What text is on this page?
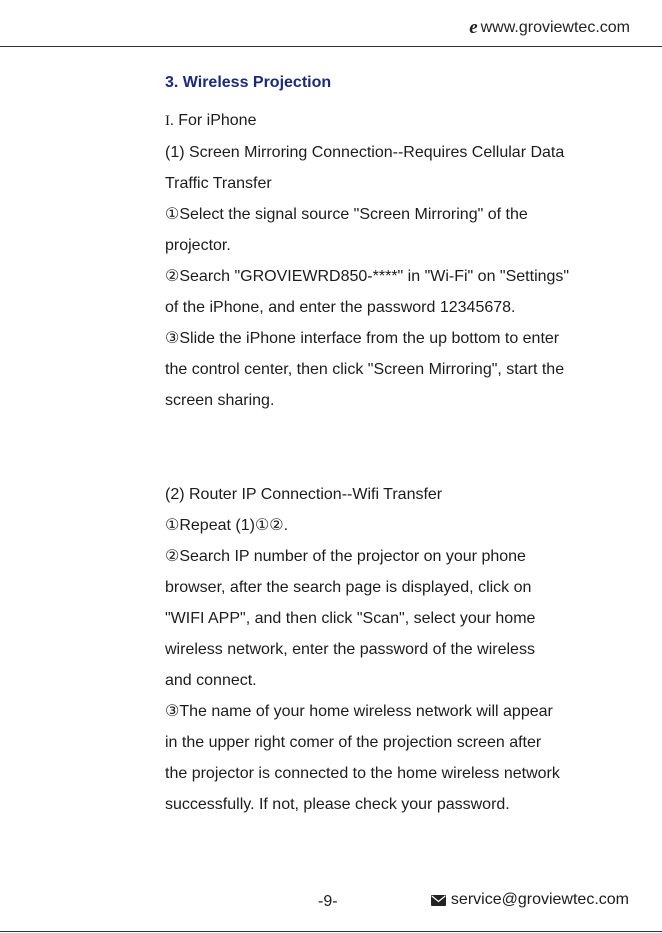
e www.groviewtec.com
3. Wireless Projection

I. For iPhone

(1) Screen Mirroring Connection--Requires Cellular Data

Traffic Transfer

①Select the signal source "Screen Mirroring" of the

projector.

②Search "GROVIEWRD850-****" in "Wi-Fi" on "Settings"

of the iPhone, and enter the password 12345678.

③Slide the iPhone interface from the up bottom to enter

the control center, then click "Screen Mirroring", start the

screen sharing.

(2) Router IP Connection--Wifi Transfer

①Repeat (1)①②.

②Search IP number of the projector on your phone

browser, after the search page is displayed, click on

"WIFI APP", and then click "Scan", select your home

wireless network, enter the password of the wireless

and connect.

③The name of your home wireless network will appear

in the upper right comer of the projection screen after

the projector is connected to the home wireless network

successfully. If not, please check your password.

-9-	service@groviewtec.com
